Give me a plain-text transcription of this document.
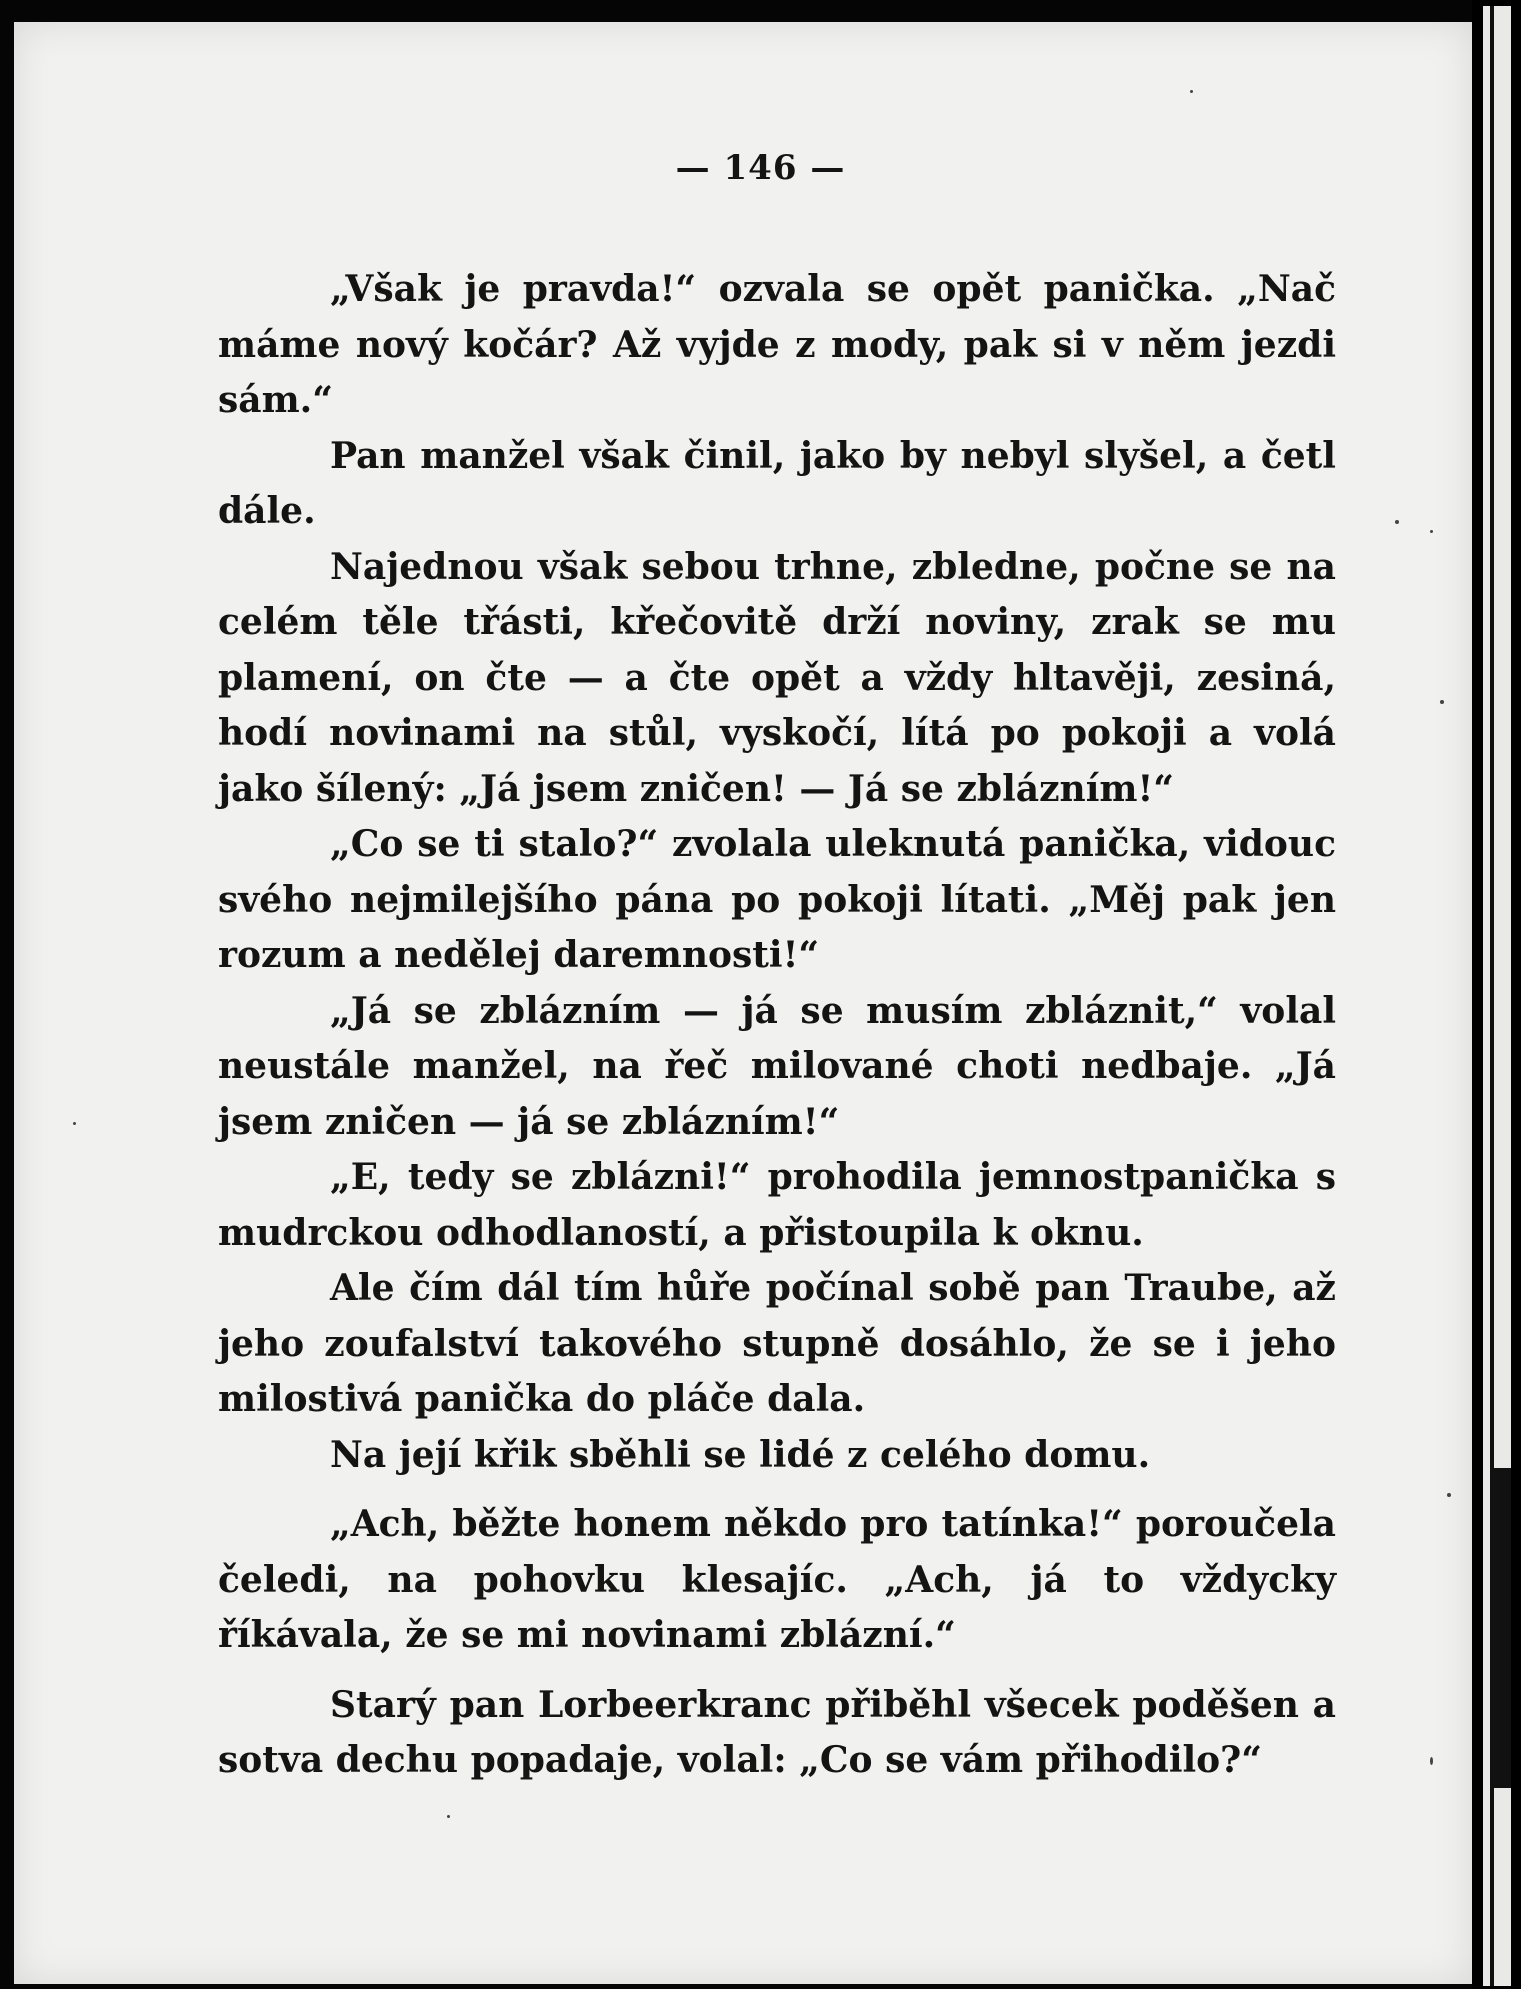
— 146 —

„Však je pravda!“ ozvala se opět panička. „Nač máme nový kočár? Až vyjde z mody, pak si v něm jezdi sám.“

Pan manžel však činil, jako by nebyl slyšel, a četl dále.

Najednou však sebou trhne, zbledne, počne se na celém těle třásti, křečovitě drží noviny, zrak se mu plamení, on čte — a čte opět a vždy hltavěji, zesiná, hodí novinami na stůl, vyskočí, lítá po pokoji a volá jako šílený: „Já jsem zničen! — Já se zblázním!“

„Co se ti stalo?“ zvolala uleknutá panička, vidouc svého nejmilejšího pána po pokoji lítati. „Měj pak jen rozum a nedělej daremnosti!“

„Já se zblázním — já se musím zbláznit,“ volal neustále manžel, na řeč milované choti nedbaje. „Já jsem zničen — já se zblázním!“

„E, tedy se zblázni!“ prohodila jemnostpanička s mudrckou odhodlaností, a přistoupila k oknu.

Ale čím dál tím hůře počínal sobě pan Traube, až jeho zoufalství takového stupně dosáhlo, že se i jeho milostivá panička do pláče dala.

Na její křik sběhli se lidé z celého domu.

„Ach, běžte honem někdo pro tatínka!“ poroučela čeledi, na pohovku klesajíc. „Ach, já to vždycky říkávala, že se mi novinami zblázní.“

Starý pan Lorbeerkranc přiběhl všecek poděšen a sotva dechu popadaje, volal: „Co se vám přihodilo?“
